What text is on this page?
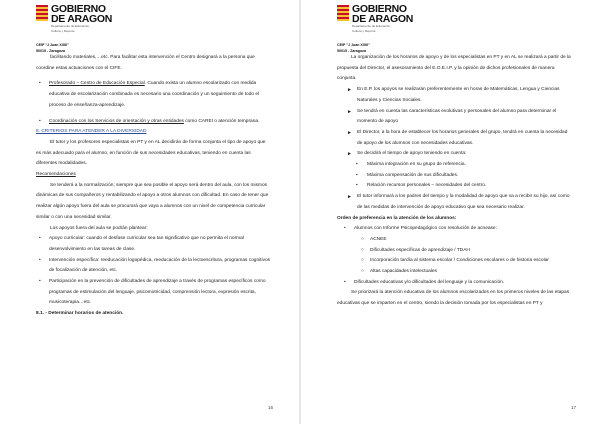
GOBIERNO
DE ARAGON
Departamento de Educación,
Cultura y Deporte
CEIP "J Juan XXIII"
50015 - Zaragoza

facilitando materiales,…etc. Para facilitar esta intervención el Centro designará a la persona que coordine estas actuaciones con el CIFE.

• Profesorado – Centro de Educación Especial. Cuando exista un alumno escolarizado con medida educativa de escolarización combinada es necesario una coordinación y un seguimiento de todo el proceso de enseñanza-aprendizaje.

• Coordinación con los Servicios de orientación y otras entidades como CAREI o atención temprana.

8. CRITERIOS PARA ATENDER A LA DIVERSIDAD

El tutor y los profesores especialistas en PT y en AL decidirán de forma conjunta el tipo de apoyo que es más adecuado para el alumno, en función de sus necesidades educativas, teniendo en cuenta las diferentes modalidades.

Recomendaciones

Se tenderá a la normalización; siempre que sea posible el apoyo será dentro del aula, con los mismos dinámicas de sus compañeros y rentabilizando el apoyo a otros alumnos con dificultad. En caso de tener que realizar algún apoyo fuera del aula se procurará que vaya a alumnos con un nivel de competencia curricular similar o con una necesidad similar.

Los apoyos fuera del aula se podrán plantear:

• Apoyo curricular: cuando el desfase curricular sea tan significativo que no permita el normal desenvolvimiento en las tareas de clase.

• Intervención específica: reeducación logopédica, reeducación de la lectoescritura, programas cognitivos de focalización de atención, etc.

• Participación en la prevención de dificultades de aprendizaje a través de programas específicos como programas de estimulación del lenguaje, psicomotricidad, comprensión lectora, expresión escrita, musicoterapia…etc.

8.1. - Determinar horarios de atención.

16
GOBIERNO
DE ARAGON
Departamento de Educación,
Cultura y Deporte
CEIP "J Juan XXIII"
50015 - Zaragoza

La organización de los horarios de apoyo y de los especialistas en PT y en AL se realizará a partir de la propuesta del Director, el asesoramiento del E.O.E.I.P. y la opinión de dichos profesionales de manera conjunta.

► En E.P. los apoyos se realizarán preferentemente en horas de Matemáticas, Lengua y Ciencias Naturales y Ciencias Sociales.

► Se tendrá en cuenta las características evolutivas y personales del alumno para determinar el momento de apoyo

► El Director, a la hora de establecer los horarios generales del grupo, tendrá en cuenta la necesidad de apoyo de los alumnos con necesidades educativas.

► Se decidirá el tiempo de apoyo teniendo en cuenta:

▪ Máxima integración en su grupo de referencia.

▪ Máxima compensación de sus dificultades.

▪ Relación recursos personales – necesidades del centro.

► El tutor informará a los padres del tiempo y la modalidad de apoyo que va a recibir su hijo, así como de las medidas de intervención de apoyo educativo que sea necesario realizar.

Orden de preferencia en la atención de los alumnos:

• Alumnos con Informe Psicopedagógico con resolución de acnease:

○ ACNEE

○ Dificultades específicas de aprendizaje / TDAH

○ Incorporación tardía al sistema escolar / Condiciones escolares o de historia escolar

○ Altas capacidades intelectuales

• Dificultades educativas y/o dificultades del lenguaje y la comunicación.

Se priorizará la atención educativa de los alumnos escolarizados en los primeros niveles de las etapas educativas que se imparten en el centro, siendo la decisión tomada por los especialistas en PT y

17
